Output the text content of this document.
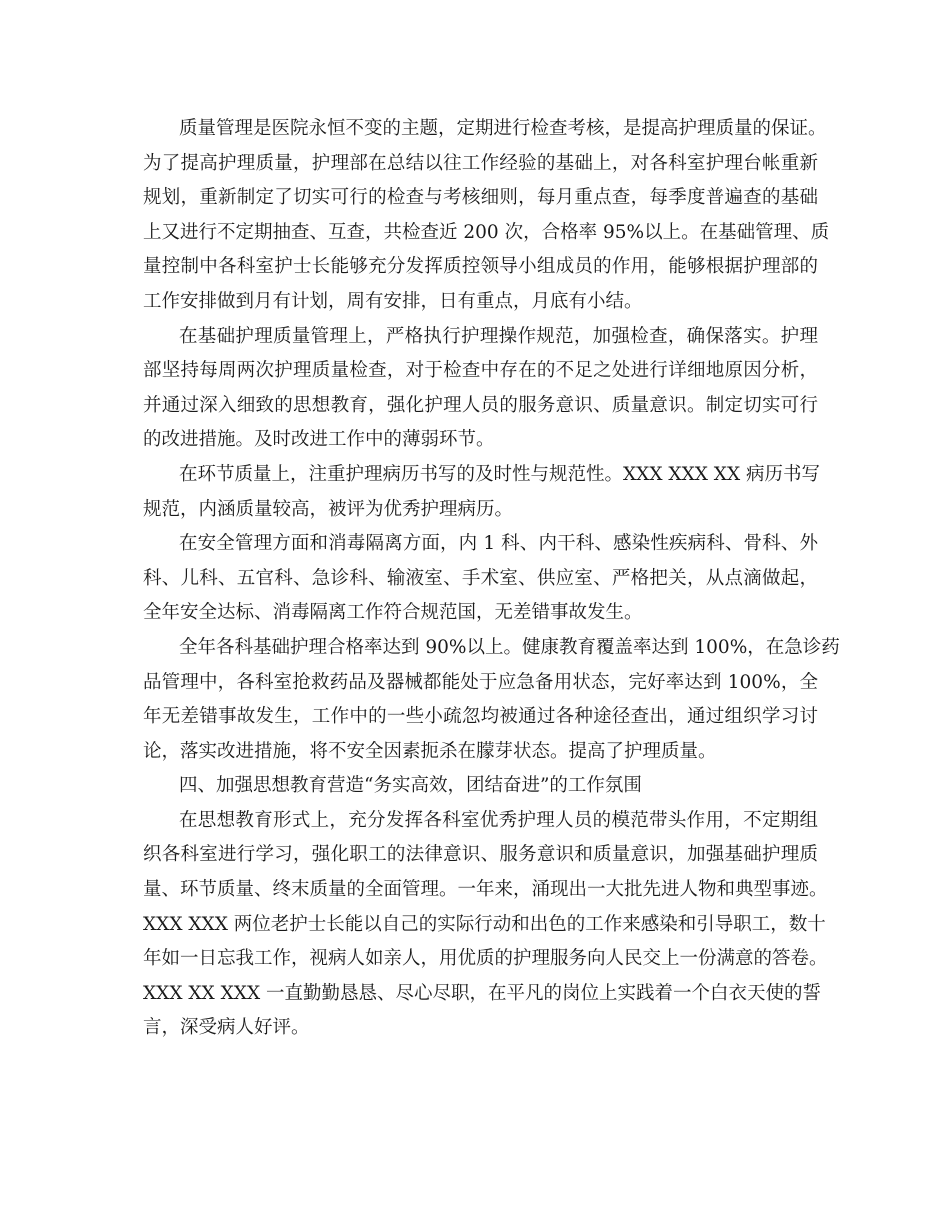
质量管理是医院永恒不变的主题，定期进行检查考核，是提高护理质量的保证。
为了提高护理质量，护理部在总结以往工作经验的基础上，对各科室护理台帐重新
规划，重新制定了切实可行的检查与考核细则，每月重点查，每季度普遍查的基础
上又进行不定期抽查、互查，共检查近 200 次，合格率 95%以上。在基础管理、质
量控制中各科室护士长能够充分发挥质控领导小组成员的作用，能够根据护理部的
工作安排做到月有计划，周有安排，日有重点，月底有小结。
在基础护理质量管理上，严格执行护理操作规范，加强检查，确保落实。护理
部坚持每周两次护理质量检查，对于检查中存在的不足之处进行详细地原因分析，
并通过深入细致的思想教育，强化护理人员的服务意识、质量意识。制定切实可行
的改进措施。及时改进工作中的薄弱环节。
在环节质量上，注重护理病历书写的及时性与规范性。XXX XXX XX 病历书写
规范，内涵质量较高，被评为优秀护理病历。
在安全管理方面和消毒隔离方面，内 1 科、内干科、感染性疾病科、骨科、外
科、儿科、五官科、急诊科、输液室、手术室、供应室、严格把关，从点滴做起，
全年安全达标、消毒隔离工作符合规范国，无差错事故发生。
全年各科基础护理合格率达到 90%以上。健康教育覆盖率达到 100%，在急诊药
品管理中，各科室抢救药品及器械都能处于应急备用状态，完好率达到 100%，全
年无差错事故发生，工作中的一些小疏忽均被通过各种途径查出，通过组织学习讨
论，落实改进措施，将不安全因素扼杀在朦芽状态。提高了护理质量。
四、加强思想教育营造“务实高效，团结奋进”的工作氛围
在思想教育形式上，充分发挥各科室优秀护理人员的模范带头作用，不定期组
织各科室进行学习，强化职工的法律意识、服务意识和质量意识，加强基础护理质
量、环节质量、终末质量的全面管理。一年来，涌现出一大批先进人物和典型事迹。
XXX XXX 两位老护士长能以自己的实际行动和出色的工作来感染和引导职工，数十
年如一日忘我工作，视病人如亲人，用优质的护理服务向人民交上一份满意的答卷。
XXX XX XXX 一直勤勤恳恳、尽心尽职，在平凡的岗位上实践着一个白衣天使的誓
言，深受病人好评。
